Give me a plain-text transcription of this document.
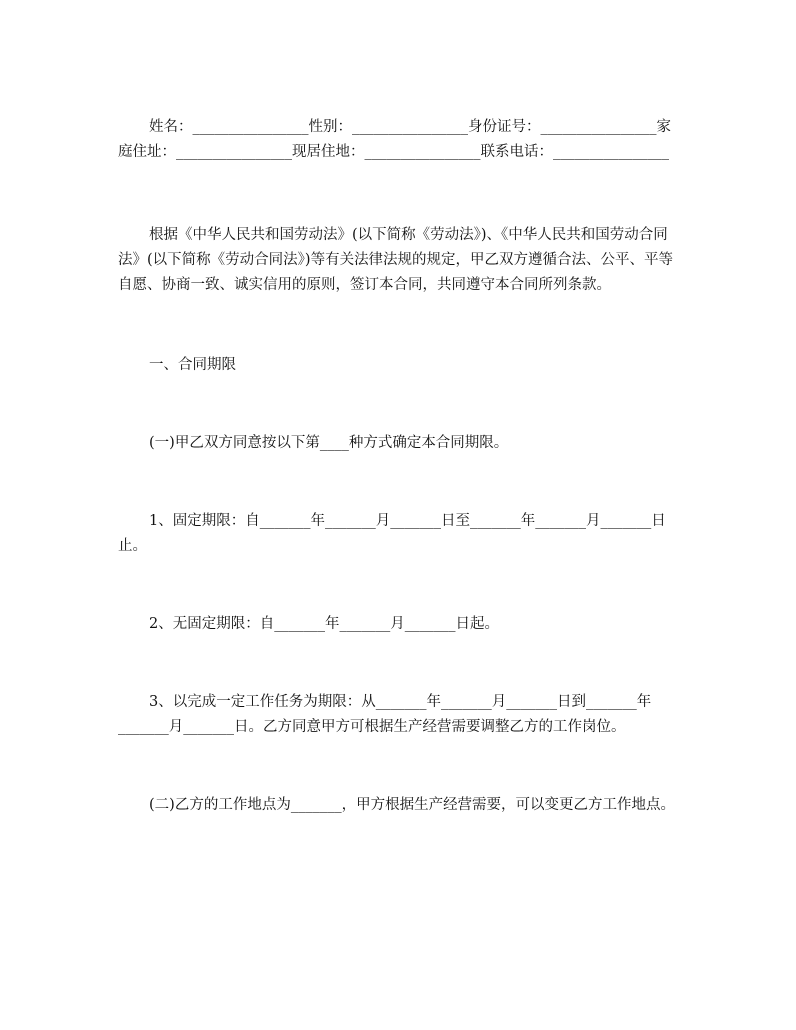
姓名：________________性别：________________身份证号：________________家庭住址：________________现居住地：________________联系电话：________________

根据《中华人民共和国劳动法》(以下简称《劳动法》)、《中华人民共和国劳动合同法》(以下简称《劳动合同法》)等有关法律法规的规定，甲乙双方遵循合法、公平、平等自愿、协商一致、诚实信用的原则，签订本合同，共同遵守本合同所列条款。

一、合同期限

(一)甲乙双方同意按以下第____种方式确定本合同期限。

1、固定期限：自_______年_______月_______日至_______年_______月_______日止。

2、无固定期限：自_______年_______月_______日起。

3、以完成一定工作任务为期限：从_______年_______月_______日到_______年_______月_______日。乙方同意甲方可根据生产经营需要调整乙方的工作岗位。

(二)乙方的工作地点为_______，甲方根据生产经营需要，可以变更乙方工作地点。
